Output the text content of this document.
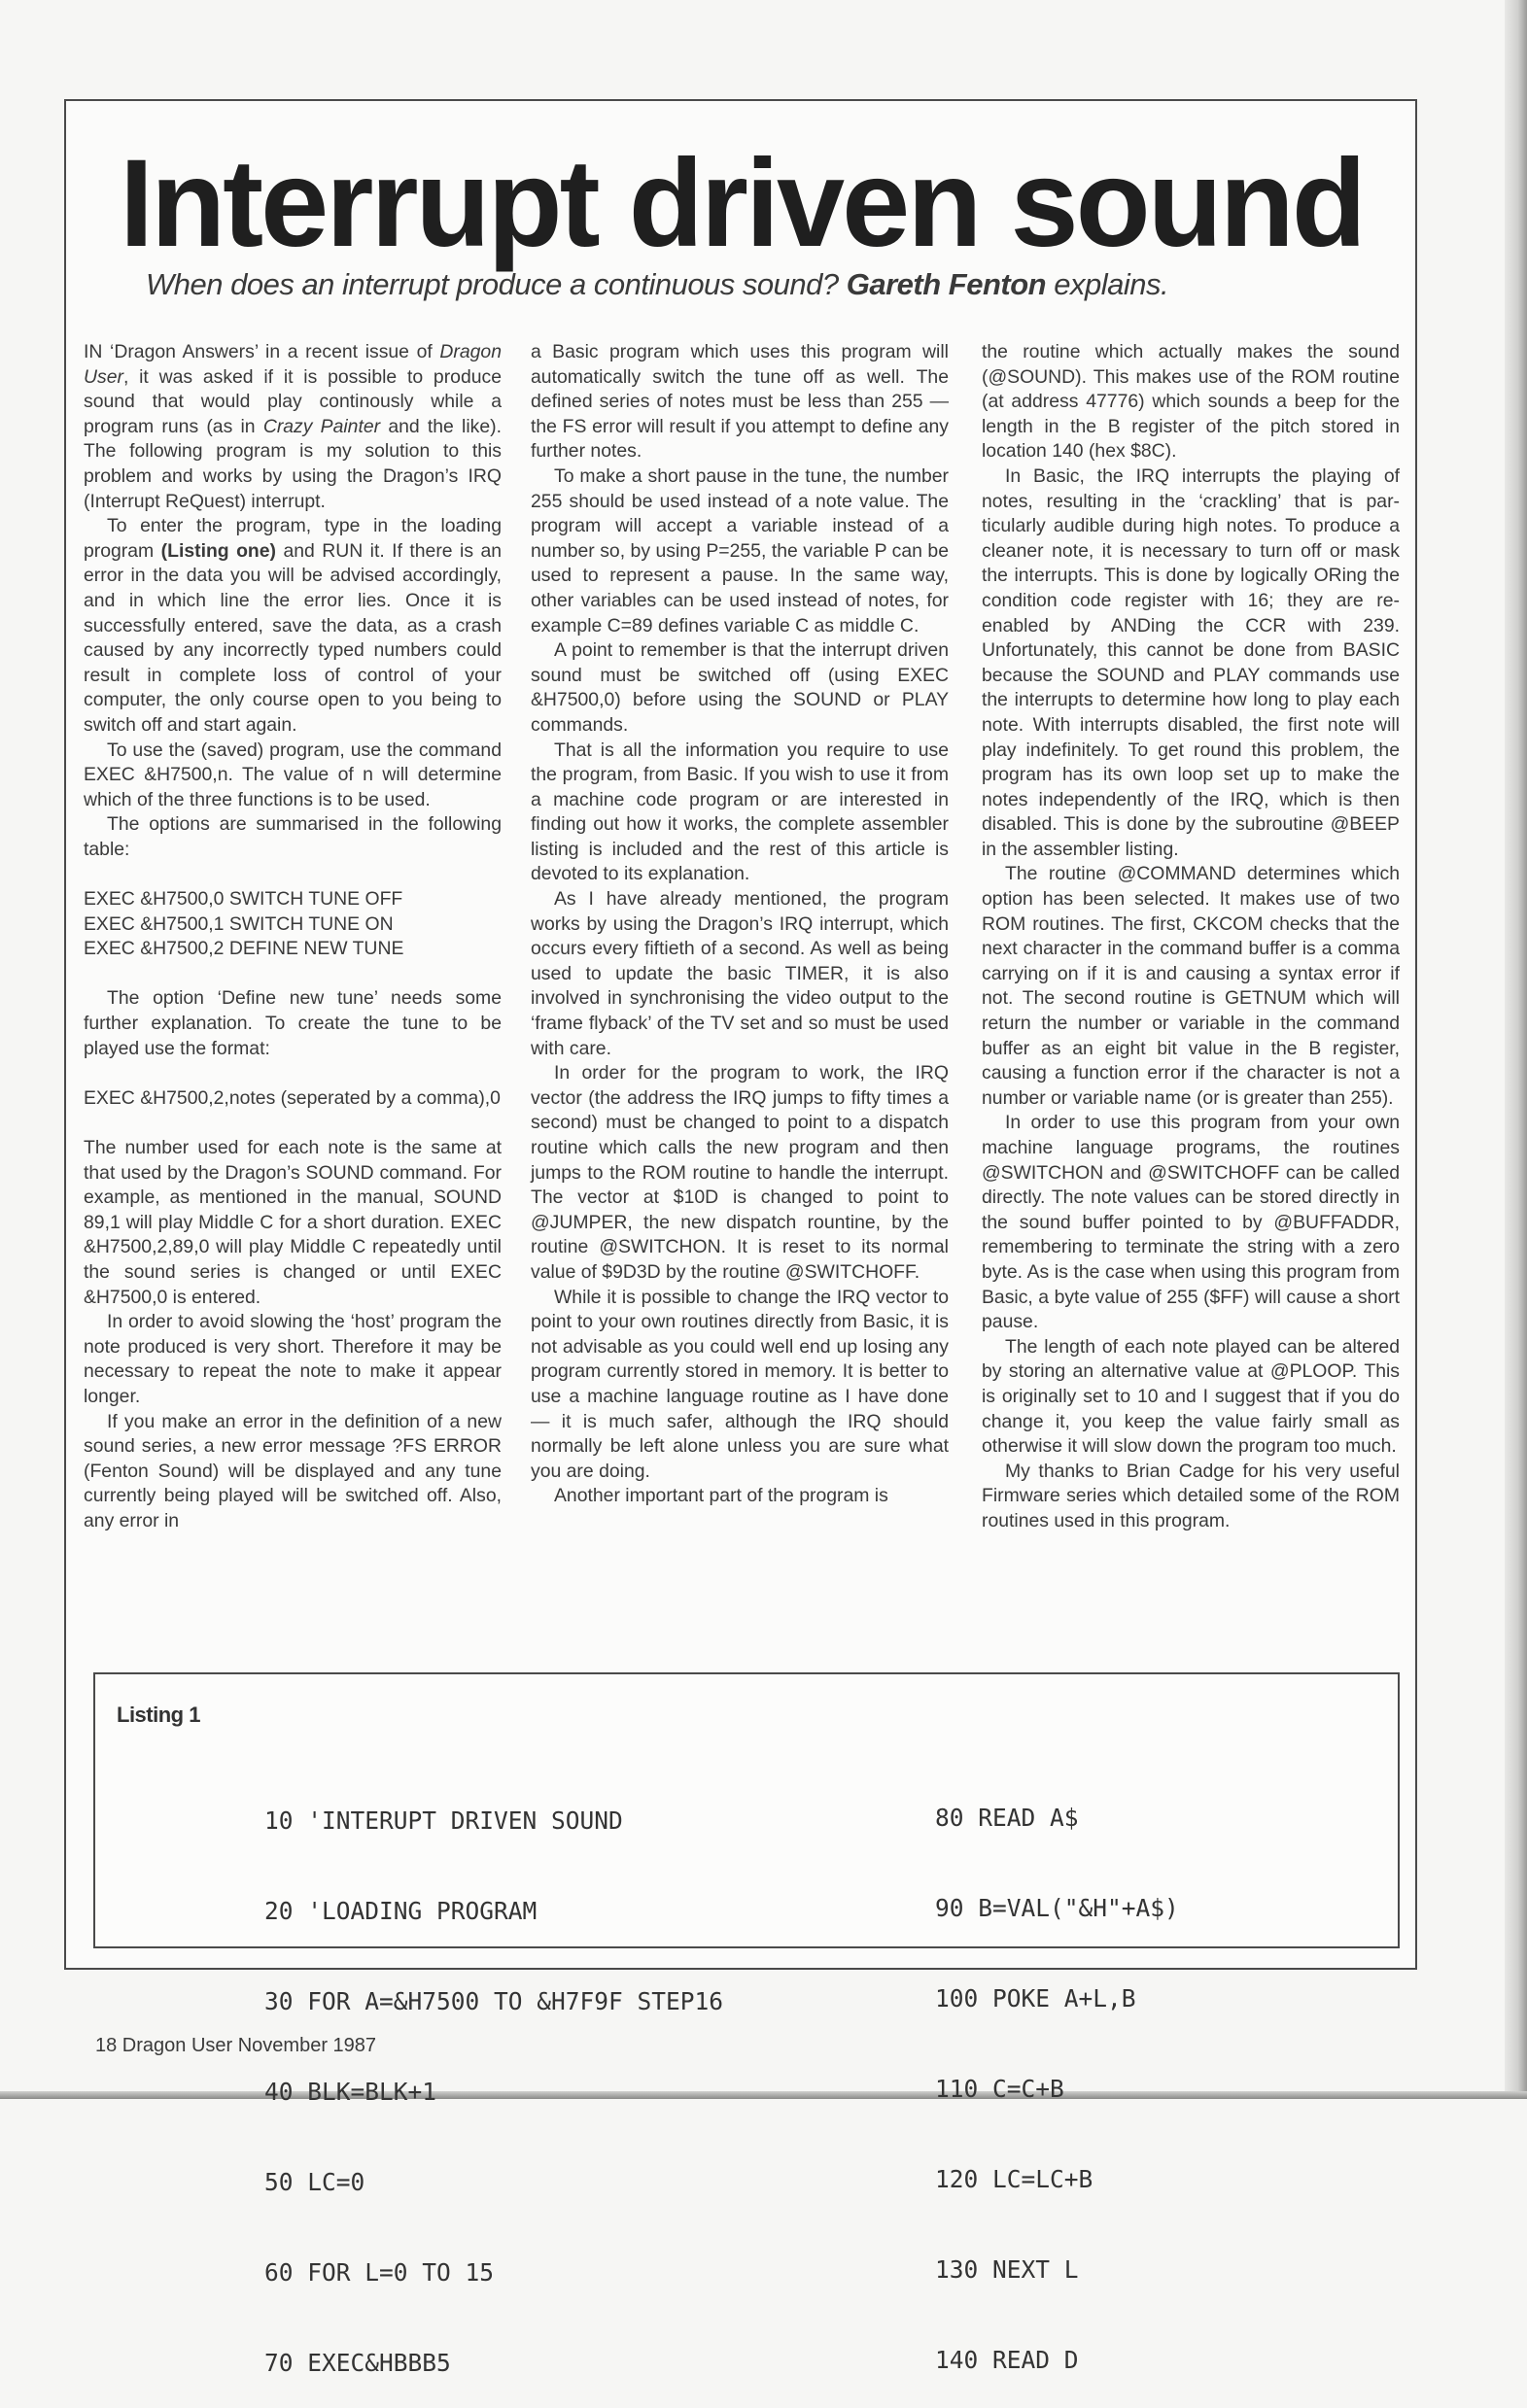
Interrupt driven sound
When does an interrupt produce a continuous sound? Gareth Fenton explains.

IN ‘Dragon Answers’ in a recent issue of Dragon User, it was asked if it is possible to produce sound that would play continously while a program runs (as in Crazy Painter and the like). The following program is my solution to this problem and works by using the Dragon’s IRQ (Interrupt ReQuest) interrupt.

To enter the program, type in the loading program (Listing one) and RUN it. If there is an error in the data you will be advised accordingly, and in which line the error lies. Once it is successfully entered, save the data, as a crash caused by any incorrectly typed numbers could result in complete loss of control of your computer, the only course open to you being to switch off and start again.

To use the (saved) program, use the command EXEC &H7500,n. The value of n will determine which of the three functions is to be used.

The options are summarised in the following table:

EXEC &H7500,0 SWITCH TUNE OFF
EXEC &H7500,1 SWITCH TUNE ON
EXEC &H7500,2 DEFINE NEW TUNE

The option ‘Define new tune’ needs some further explanation. To create the tune to be played use the format:

EXEC &H7500,2,notes (seperated by a comma),0

The number used for each note is the same at that used by the Dragon’s SOUND command. For example, as mentioned in the manual, SOUND 89,1 will play Middle C for a short duration. EXEC &H7500,2,89,0 will play Middle C repeatedly until the sound series is changed or until EXEC &H7500,0 is entered.

In order to avoid slowing the ‘host’ program the note produced is very short. Therefore it may be necessary to repeat the note to make it appear longer.

If you make an error in the definition of a new sound series, a new error message ?FS ERROR (Fenton Sound) will be displayed and any tune currently being played will be switched off. Also, any error in

a Basic program which uses this program will automatically switch the tune off as well. The defined series of notes must be less than 255 — the FS error will result if you attempt to define any further notes.

To make a short pause in the tune, the number 255 should be used instead of a note value. The program will accept a variable instead of a number so, by using P=255, the variable P can be used to represent a pause. In the same way, other variables can be used instead of notes, for example C=89 defines variable C as middle C.

A point to remember is that the interrupt driven sound must be switched off (using EXEC &H7500,0) before using the SOUND or PLAY commands.

That is all the information you require to use the program, from Basic. If you wish to use it from a machine code program or are interested in finding out how it works, the complete assembler listing is included and the rest of this article is devoted to its explanation.

As I have already mentioned, the program works by using the Dragon’s IRQ interrupt, which occurs every fiftieth of a second. As well as being used to update the basic TIMER, it is also involved in synchronising the video output to the ‘frame flyback’ of the TV set and so must be used with care.

In order for the program to work, the IRQ vector (the address the IRQ jumps to fifty times a second) must be changed to point to a dispatch routine which calls the new program and then jumps to the ROM routine to handle the interrupt. The vector at $10D is changed to point to @JUMPER, the new dispatch rountine, by the routine @SWITCHON. It is reset to its normal value of $9D3D by the routine @SWITCHOFF.

While it is possible to change the IRQ vector to point to your own routines directly from Basic, it is not advisable as you could well end up losing any program currently stored in memory. It is better to use a machine language routine as I have done — it is much safer, although the IRQ should normally be left alone unless you are sure what you are doing.

Another important part of the program is

the routine which actually makes the sound (@SOUND). This makes use of the ROM routine (at address 47776) which sounds a beep for the length in the B register of the pitch stored in location 140 (hex $8C).

In Basic, the IRQ interrupts the playing of notes, resulting in the ‘crackling’ that is particularly audible during high notes. To produce a cleaner note, it is necessary to turn off or mask the interrupts. This is done by logically ORing the condition code register with 16; they are re-enabled by ANDing the CCR with 239. Unfortunately, this cannot be done from BASIC because the SOUND and PLAY commands use the interrupts to determine how long to play each note. With interrupts disabled, the first note will play indefinitely. To get round this problem, the program has its own loop set up to make the notes independently of the IRQ, which is then disabled. This is done by the subroutine @BEEP in the assembler listing.

The routine @COMMAND determines which option has been selected. It makes use of two ROM routines. The first, CKCOM checks that the next character in the command buffer is a comma carrying on if it is and causing a syntax error if not. The second routine is GETNUM which will return the number or variable in the command buffer as an eight bit value in the B register, causing a function error if the character is not a number or variable name (or is greater than 255).

In order to use this program from your own machine language programs, the routines @SWITCHON and @SWITCHOFF can be called directly. The note values can be stored directly in the sound buffer pointed to by @BUFFADDR, remembering to terminate the string with a zero byte. As is the case when using this program from Basic, a byte value of 255 ($FF) will cause a short pause.

The length of each note played can be altered by storing an alternative value at @PLOOP. This is originally set to 10 and I suggest that if you do change it, you keep the value fairly small as otherwise it will slow down the program too much.

My thanks to Brian Cadge for his very useful Firmware series which detailed some of the ROM routines used in this program.

Listing 1

10 'INTERUPT DRIVEN SOUND

20 'LOADING PROGRAM

30 FOR A=&H7500 TO &H7F9F STEP16

40 BLK=BLK+1

50 LC=0

60 FOR L=0 TO 15

70 EXEC&HBBB5

80 READ A$

90 B=VAL("&H"+A$)

100 POKE A+L,B

110 C=C+B

120 LC=LC+B

130 NEXT L

140 READ D

18 Dragon User November 1987
